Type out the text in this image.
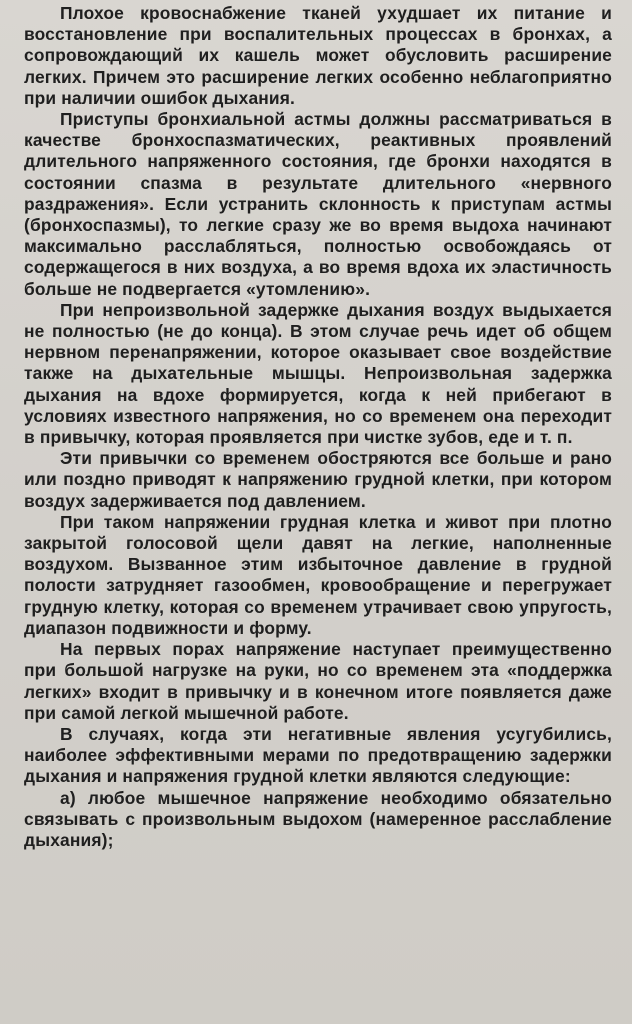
Плохое кровоснабжение тканей ухудшает их питание и восстановление при воспалительных процессах в бронхах, а сопровождающий их кашель может обусловить расширение легких. Причем это расширение легких особенно неблагоприятно при наличии ошибок дыхания.

Приступы бронхиальной астмы должны рассматриваться в качестве бронхоспазматических, реактивных проявлений длительного напряженного состояния, где бронхи находятся в состоянии спазма в результате длительного «нервного раздражения». Если устранить склонность к приступам астмы (бронхоспазмы), то легкие сразу же во время выдоха начинают максимально расслабляться, полностью освобождаясь от содержащегося в них воздуха, а во время вдоха их эластичность больше не подвергается «утомлению».

При непроизвольной задержке дыхания воздух выдыхается не полностью (не до конца). В этом случае речь идет об общем нервном перенапряжении, которое оказывает свое воздействие также на дыхательные мышцы. Непроизвольная задержка дыхания на вдохе формируется, когда к ней прибегают в условиях известного напряжения, но со временем она переходит в привычку, которая проявляется при чистке зубов, еде и т. п.

Эти привычки со временем обостряются все больше и рано или поздно приводят к напряжению грудной клетки, при котором воздух задерживается под давлением.

При таком напряжении грудная клетка и живот при плотно закрытой голосовой щели давят на легкие, наполненные воздухом. Вызванное этим избыточное давление в грудной полости затрудняет газообмен, кровообращение и перегружает грудную клетку, которая со временем утрачивает свою упругость, диапазон подвижности и форму.

На первых порах напряжение наступает преимущественно при большой нагрузке на руки, но со временем эта «поддержка легких» входит в привычку и в конечном итоге появляется даже при самой легкой мышечной работе.

В случаях, когда эти негативные явления усугубились, наиболее эффективными мерами по предотвращению задержки дыхания и напряжения грудной клетки являются следующие:

а) любое мышечное напряжение необходимо обязательно связывать с произвольным выдохом (намеренное расслабление дыхания);
